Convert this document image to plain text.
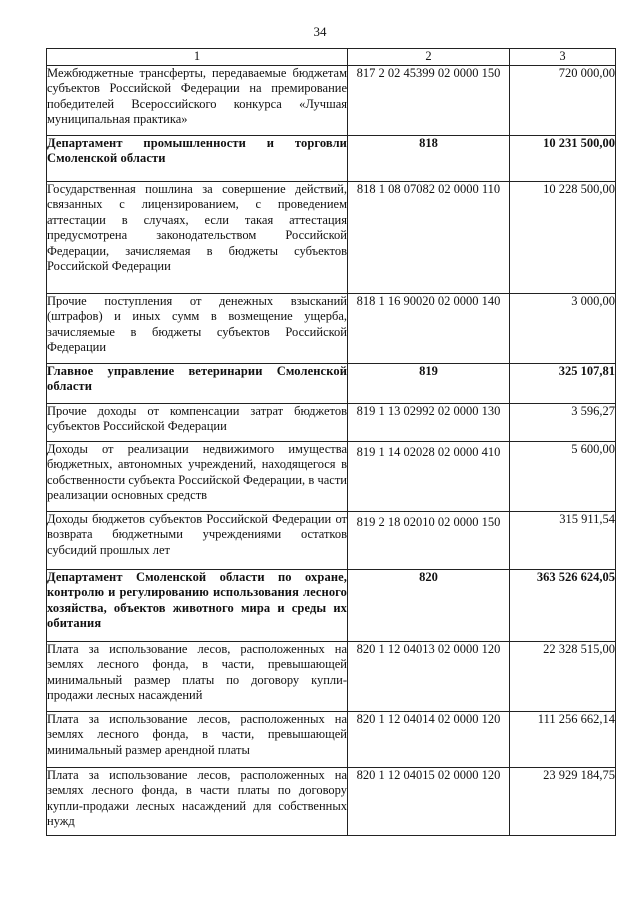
34
1	2	3
Межбюджетные трансферты, передаваемые бюджетам субъектов Российской Федерации на премирование победителей Всероссийского конкурса «Лучшая муниципальная практика»	817 2 02 45399 02 0000 150	720 000,00
Департамент промышленности и торговли Смоленской области	818	10 231 500,00
Государственная пошлина за совершение действий, связанных с лицензированием, с проведением аттестации в случаях, если такая аттестация предусмотрена законодательством Российской Федерации, зачисляемая в бюджеты субъектов Российской Федерации	818 1 08 07082 02 0000 110	10 228 500,00
Прочие поступления от денежных взысканий (штрафов) и иных сумм в возмещение ущерба, зачисляемые в бюджеты субъектов Российской Федерации	818 1 16 90020 02 0000 140	3 000,00
Главное управление ветеринарии Смоленской области	819	325 107,81
Прочие доходы от компенсации затрат бюджетов субъектов Российской Федерации	819 1 13 02992 02 0000 130	3 596,27
Доходы от реализации недвижимого имущества бюджетных, автономных учреждений, находящегося в собственности субъекта Российской Федерации, в части реализации основных средств	819 1 14 02028 02 0000 410	5 600,00
Доходы бюджетов субъектов Российской Федерации от возврата бюджетными учреждениями остатков субсидий прошлых лет	819 2 18 02010 02 0000 150	315 911,54
Департамент Смоленской области по охране, контролю и регулированию использования лесного хозяйства, объектов животного мира и среды их обитания	820	363 526 624,05
Плата за использование лесов, расположенных на землях лесного фонда, в части, превышающей минимальный размер платы по договору купли-продажи лесных насаждений	820 1 12 04013 02 0000 120	22 328 515,00
Плата за использование лесов, расположенных на землях лесного фонда, в части, превышающей минимальный размер арендной платы	820 1 12 04014 02 0000 120	111 256 662,14
Плата за использование лесов, расположенных на землях лесного фонда, в части платы по договору купли-продажи лесных насаждений для собственных нужд	820 1 12 04015 02 0000 120	23 929 184,75
